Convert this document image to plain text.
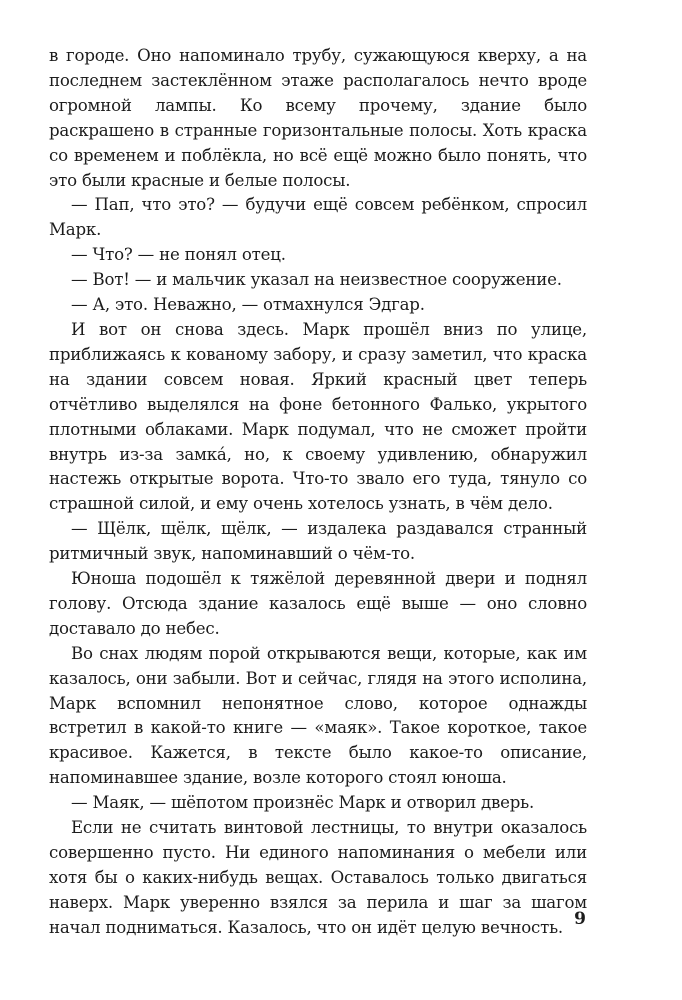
в городе. Оно напоминало трубу, сужающуюся кверху, а на последнем застеклённом этаже располагалось нечто вроде огромной лампы. Ко всему прочему, здание было раскрашено в странные горизонтальные полосы. Хоть краска со временем и поблёкла, но всё ещё можно было понять, что это были красные и белые полосы.

— Пап, что это? — будучи ещё совсем ребёнком, спросил Марк.

— Что? — не понял отец.

— Вот! — и мальчик указал на неизвестное сооружение.

— А, это. Неважно, — отмахнулся Эдгар.

И вот он снова здесь. Марк прошёл вниз по улице, приближаясь к кованому забору, и сразу заметил, что краска на здании совсем новая. Яркий красный цвет теперь отчётливо выделялся на фоне бетонного Фалько, укрытого плотными облаками. Марк подумал, что не сможет пройти внутрь из-за замка́, но, к своему удивлению, обнаружил настежь открытые ворота. Что-то звало его туда, тянуло со страшной силой, и ему очень хотелось узнать, в чём дело.

— Щёлк, щёлк, щёлк, — издалека раздавался странный ритмичный звук, напоминавший о чём-то.

Юноша подошёл к тяжёлой деревянной двери и поднял голову. Отсюда здание казалось ещё выше — оно словно доставало до небес.

Во снах людям порой открываются вещи, которые, как им казалось, они забыли. Вот и сейчас, глядя на этого исполина, Марк вспомнил непонятное слово, которое однажды встретил в какой-то книге — «маяк». Такое короткое, такое красивое. Кажется, в тексте было какое-то описание, напоминавшее здание, возле которого стоял юноша.

— Маяк, — шёпотом произнёс Марк и отворил дверь.

Если не считать винтовой лестницы, то внутри оказалось совершенно пусто. Ни единого напоминания о мебели или хотя бы о каких-нибудь вещах. Оставалось только двигаться наверх. Марк уверенно взялся за перила и шаг за шагом начал подниматься. Казалось, что он идёт целую вечность. 9
